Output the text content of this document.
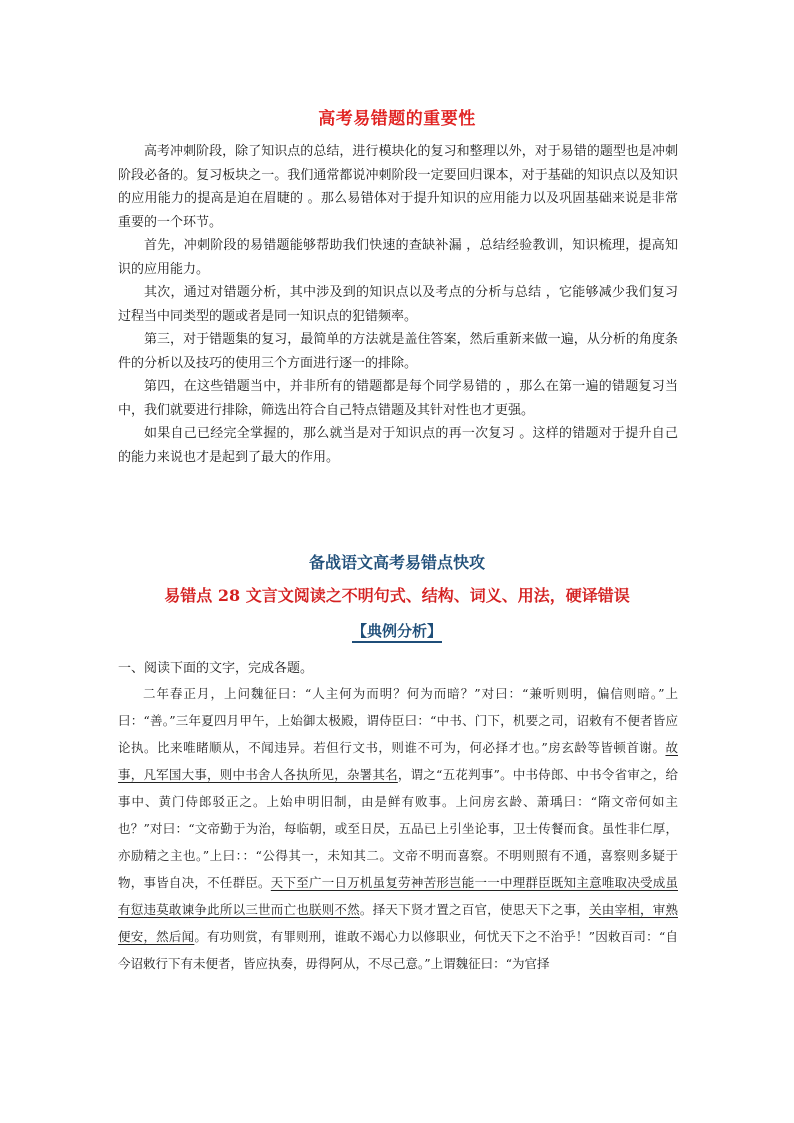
高考易错题的重要性

高考冲刺阶段，除了知识点的总结，进行模块化的复习和整理以外，对于易错的题型也是冲刺阶段必备的。复习板块之一。我们通常都说冲刺阶段一定要回归课本，对于基础的知识点以及知识的应用能力的提高是迫在眉睫的 。那么易错体对于提升知识的应用能力以及巩固基础来说是非常重要的一个环节。

首先，冲刺阶段的易错题能够帮助我们快速的查缺补漏 ，总结经验教训，知识梳理，提高知识的应用能力。

其次，通过对错题分析，其中涉及到的知识点以及考点的分析与总结 ，它能够减少我们复习过程当中同类型的题或者是同一知识点的犯错频率。

第三，对于错题集的复习，最简单的方法就是盖住答案，然后重新来做一遍，从分析的角度条件的分析以及技巧的使用三个方面进行逐一的排除。

第四，在这些错题当中，并非所有的错题都是每个同学易错的 ，那么在第一遍的错题复习当中，我们就要进行排除，筛选出符合自己特点错题及其针对性也才更强。

如果自己已经完全掌握的，那么就当是对于知识点的再一次复习 。这样的错题对于提升自己的能力来说也才是起到了最大的作用。

备战语文高考易错点快攻
易错点 28 文言文阅读之不明句式、结构、词义、用法，硬译错误
【典例分析】
一、阅读下面的文字，完成各题。

二年春正月，上问魏征曰：“人主何为而明？何为而暗？”对曰：“兼听则明，偏信则暗。”上曰：“善。”三年夏四月甲午，上始御太极殿，谓侍臣曰：“中书、门下，机要之司，诏敕有不便者皆应论执。比来唯睹顺从，不闻违异。若但行文书，则谁不可为，何必择才也。”房玄龄等皆顿首谢。故事，凡军国大事，则中书舍人各执所见，杂署其名，谓之“五花判事”。中书侍郎、中书令省审之，给事中、黄门侍郎驳正之。上始申明旧制，由是鲜有败事。上问房玄龄、萧瑀曰：“隋文帝何如主也？”对曰：“文帝勤于为治，每临朝，或至日昃，五品已上引坐论事，卫士传餐而食。虽性非仁厚，亦励精之主也。”上曰：：“公得其一，未知其二。文帝不明而喜察。不明则照有不通，喜察则多疑于物，事皆自决，不任群臣。天下至广一日万机虽复劳神苦形岂能一一中理群臣既知主意唯取决受成虽有愆违莫敢谏争此所以三世而亡也朕则不然。择天下贤才置之百官，使思天下之事，关由宰相，审熟便安，然后闻。有功则赏，有罪则刑，谁敢不竭心力以修职业，何忧天下之不治乎！”因敕百司：“自今诏敕行下有未便者，皆应执奏，毋得阿从，不尽己意。”上谓魏征曰：“为官择
